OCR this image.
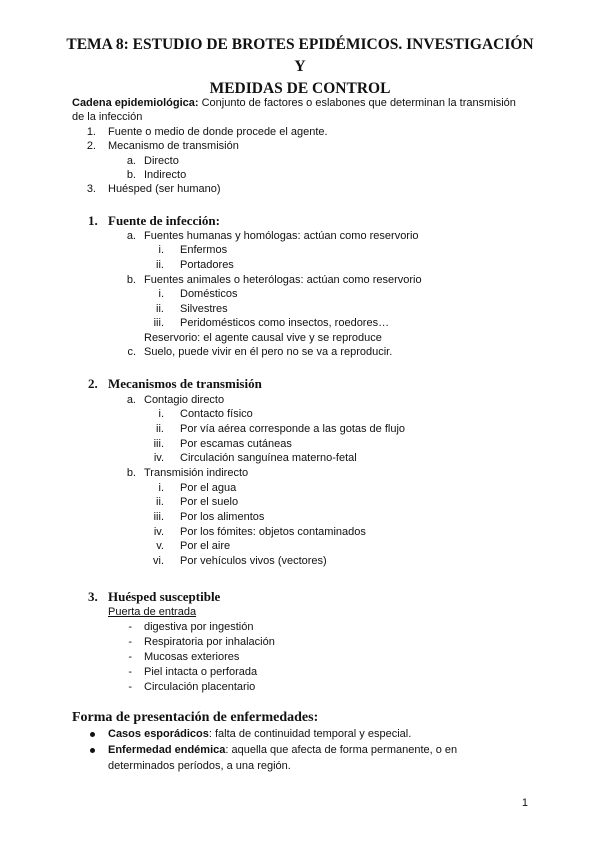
TEMA 8: ESTUDIO DE BROTES EPIDÉMICOS. INVESTIGACIÓN Y
MEDIDAS DE CONTROL
Cadena epidemiológica: Conjunto de factores o eslabones que determinan la transmisión
de la infección
1. Fuente o medio de donde procede el agente.
2. Mecanismo de transmisión
a. Directo
b. Indirecto
3. Huésped (ser humano)
1. Fuente de infección:
a. Fuentes humanas y homólogas: actúan como reservorio
i. Enfermos
ii. Portadores
b. Fuentes animales o heterólogas: actúan como reservorio
i. Domésticos
ii. Silvestres
iii. Peridomésticos como insectos, roedores…
Reservorio: el agente causal vive y se reproduce
c. Suelo, puede vivir en él pero no se va a reproducir.
2. Mecanismos de transmisión
a. Contagio directo
i. Contacto físico
ii. Por vía aérea corresponde a las gotas de flujo
iii. Por escamas cutáneas
iv. Circulación sanguínea materno-fetal
b. Transmisión indirecto
i. Por el agua
ii. Por el suelo
iii. Por los alimentos
iv. Por los fómites: objetos contaminados
v. Por el aire
vi. Por vehículos vivos (vectores)
3. Huésped susceptible
Puerta de entrada
- digestiva por ingestión
- Respiratoria por inhalación
- Mucosas exteriores
- Piel intacta o perforada
- Circulación placentario
Forma de presentación de enfermedades:
Casos esporádicos: falta de continuidad temporal y especial.
Enfermedad endémica: aquella que afecta de forma permanente, o en
determinados períodos, a una región.
1
